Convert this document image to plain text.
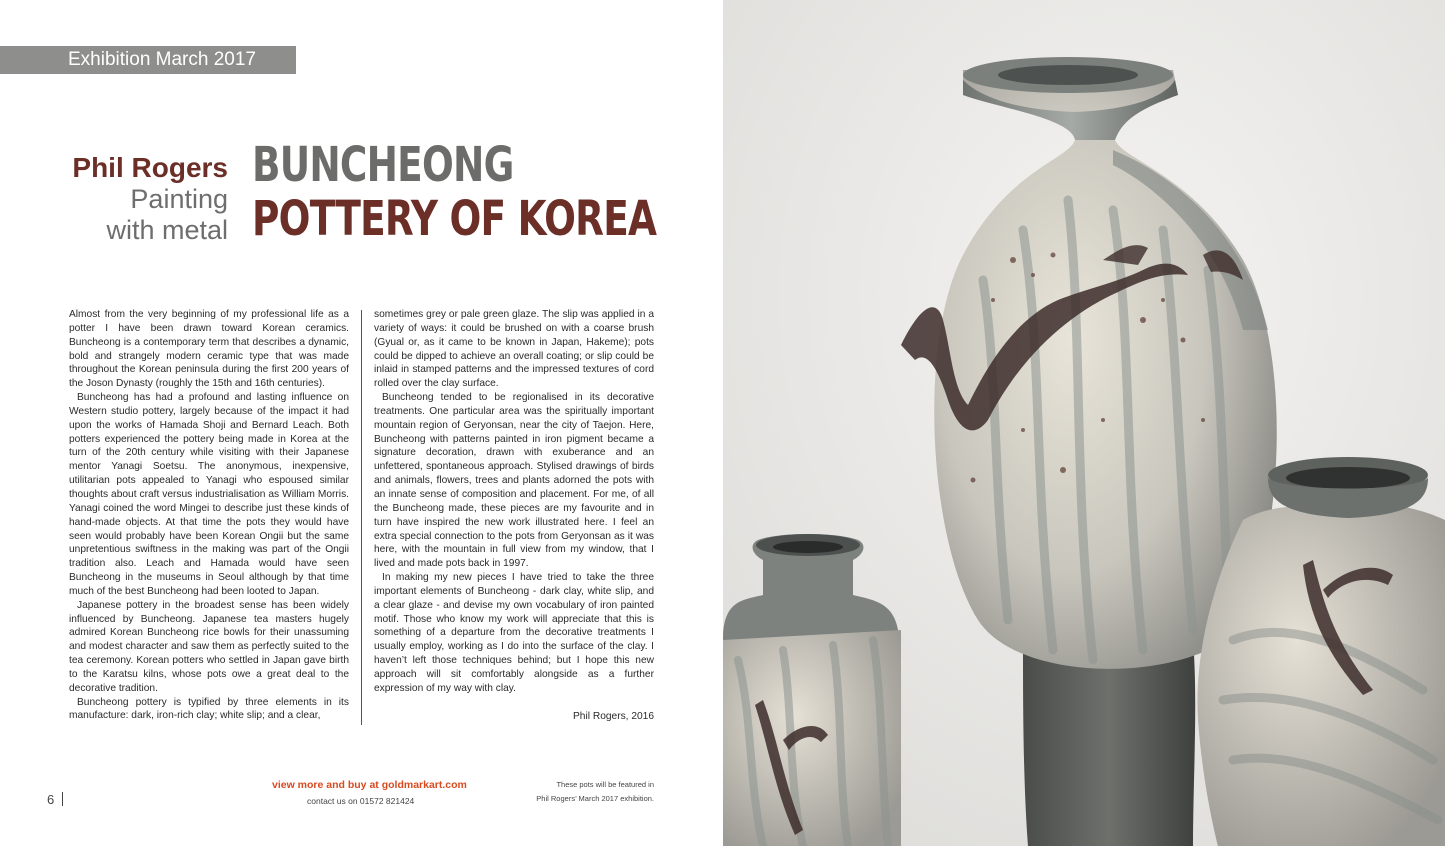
Exhibition March 2017
Phil Rogers
Painting
with metal
BUNCHEONG
POTTERY OF KOREA

Almost from the very beginning of my professional life as a potter I have been drawn toward Korean ceramics. Buncheong is a contemporary term that describes a dynamic, bold and strangely modern ceramic type that was made throughout the Korean peninsula during the first 200 years of the Joson Dynasty (roughly the 15th and 16th centuries).

Buncheong has had a profound and lasting influence on Western studio pottery, largely because of the impact it had upon the works of Hamada Shoji and Bernard Leach. Both potters experienced the pottery being made in Korea at the turn of the 20th century while visiting with their Japanese mentor Yanagi Soetsu. The anonymous, inexpensive, utilitarian pots appealed to Yanagi who espoused similar thoughts about craft versus industrialisation as William Morris. Yanagi coined the word Mingei to describe just these kinds of hand-made objects. At that time the pots they would have seen would probably have been Korean Ongii but the same unpretentious swiftness in the making was part of the Ongii tradition also. Leach and Hamada would have seen Buncheong in the museums in Seoul although by that time much of the best Buncheong had been looted to Japan.

Japanese pottery in the broadest sense has been widely influenced by Buncheong. Japanese tea masters hugely admired Korean Buncheong rice bowls for their unassuming and modest character and saw them as perfectly suited to the tea ceremony. Korean potters who settled in Japan gave birth to the Karatsu kilns, whose pots owe a great deal to the decorative tradition.

Buncheong pottery is typified by three elements in its manufacture: dark, iron-rich clay; white slip; and a clear,

sometimes grey or pale green glaze. The slip was applied in a variety of ways: it could be brushed on with a coarse brush (Gyual or, as it came to be known in Japan, Hakeme); pots could be dipped to achieve an overall coating; or slip could be inlaid in stamped patterns and the impressed textures of cord rolled over the clay surface.

Buncheong tended to be regionalised in its decorative treatments. One particular area was the spiritually important mountain region of Geryonsan, near the city of Taejon. Here, Buncheong with patterns painted in iron pigment became a signature decoration, drawn with exuberance and an unfettered, spontaneous approach. Stylised drawings of birds and animals, flowers, trees and plants adorned the pots with an innate sense of composition and placement. For me, of all the Buncheong made, these pieces are my favourite and in turn have inspired the new work illustrated here. I feel an extra special connection to the pots from Geryonsan as it was here, with the mountain in full view from my window, that I lived and made pots back in 1997.

In making my new pieces I have tried to take the three important elements of Buncheong - dark clay, white slip, and a clear glaze - and devise my own vocabulary of iron painted motif. Those who know my work will appreciate that this is something of a departure from the decorative treatments I usually employ, working as I do into the surface of the clay. I haven’t left those techniques behind; but I hope this new approach will sit comfortably alongside as a further expression of my way with clay.

Phil Rogers, 2016
6
view more and buy at goldmarkart.com
contact us on 01572 821424
These pots will be featured in
Phil Rogers’ March 2017 exhibition.
